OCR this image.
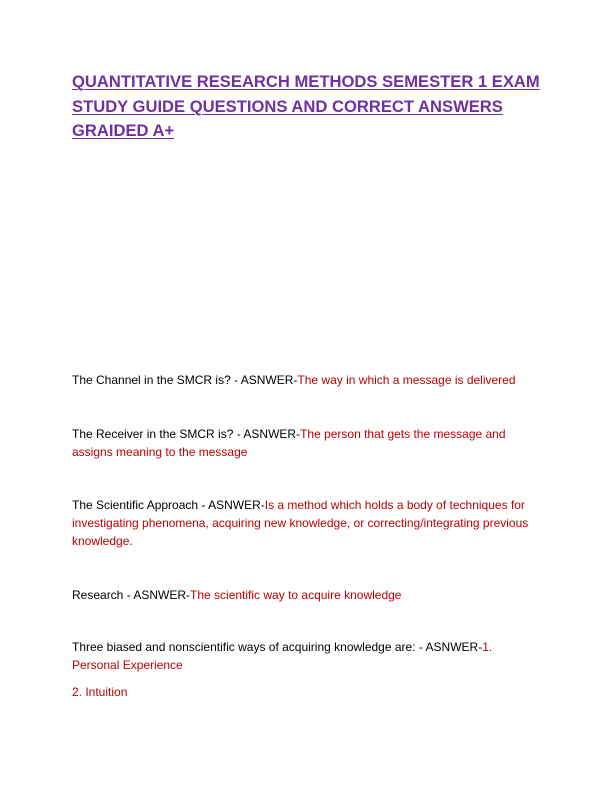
QUANTITATIVE RESEARCH METHODS SEMESTER 1 EXAM STUDY GUIDE QUESTIONS AND CORRECT ANSWERS GRAIDED A+

The Channel in the SMCR is? - ASNWER-The way in which a message is delivered

The Receiver in the SMCR is? - ASNWER-The person that gets the message and assigns meaning to the message

The Scientific Approach - ASNWER-Is a method which holds a body of techniques for investigating phenomena, acquiring new knowledge, or correcting/integrating previous knowledge.

Research - ASNWER-The scientific way to acquire knowledge

Three biased and nonscientific ways of acquiring knowledge are: - ASNWER-1. Personal Experience

2. Intuition
